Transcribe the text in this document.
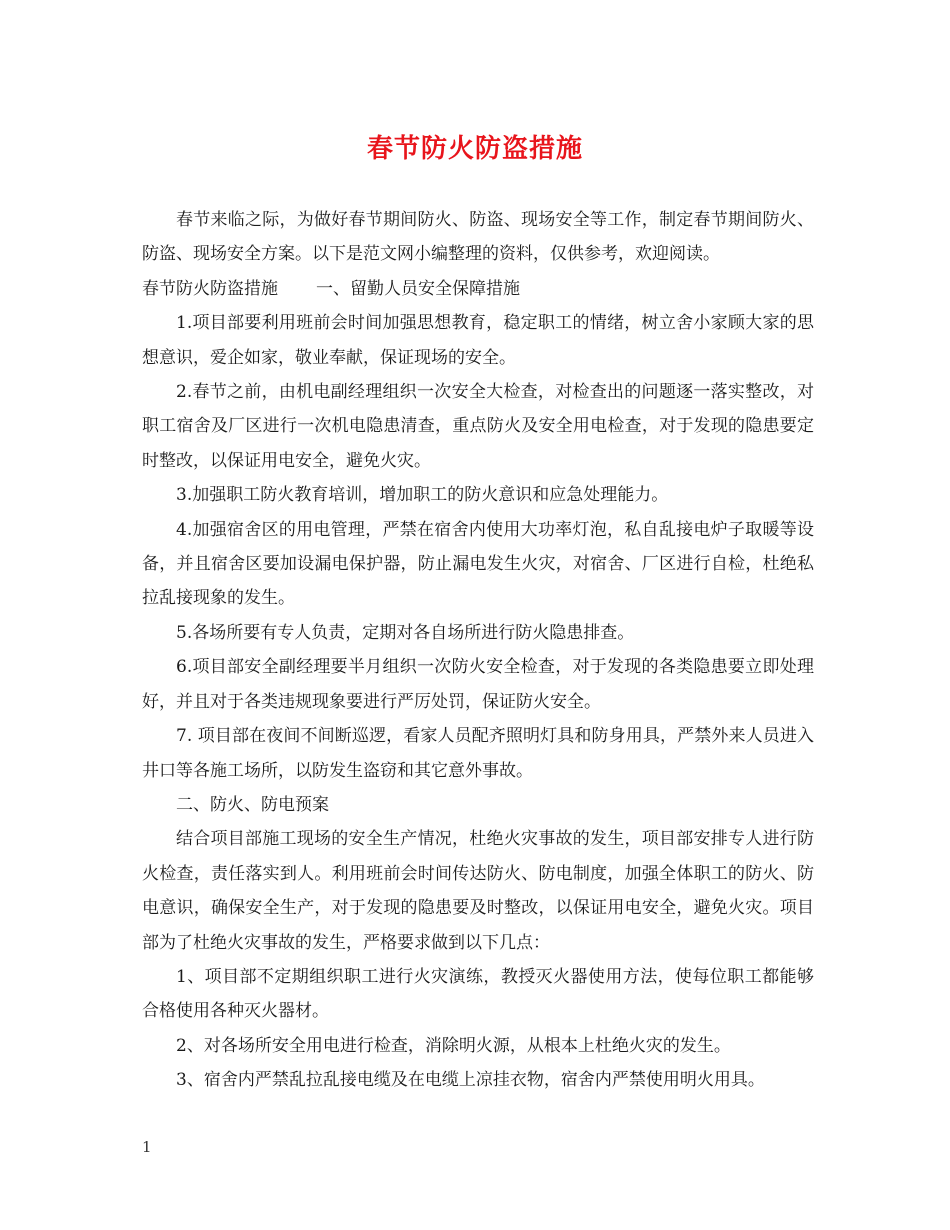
春节防火防盗措施

春节来临之际，为做好春节期间防火、防盗、现场安全等工作，制定春节期间防火、防盗、现场安全方案。以下是范文网小编整理的资料，仅供参考，欢迎阅读。

春节防火防盗措施 一、留勤人员安全保障措施

1.项目部要利用班前会时间加强思想教育，稳定职工的情绪，树立舍小家顾大家的思想意识，爱企如家，敬业奉献，保证现场的安全。

2.春节之前，由机电副经理组织一次安全大检查，对检查出的问题逐一落实整改，对职工宿舍及厂区进行一次机电隐患清查，重点防火及安全用电检查，对于发现的隐患要定时整改，以保证用电安全，避免火灾。

3.加强职工防火教育培训，增加职工的防火意识和应急处理能力。

4.加强宿舍区的用电管理，严禁在宿舍内使用大功率灯泡，私自乱接电炉子取暖等设备，并且宿舍区要加设漏电保护器，防止漏电发生火灾，对宿舍、厂区进行自检，杜绝私拉乱接现象的发生。

5.各场所要有专人负责，定期对各自场所进行防火隐患排查。

6.项目部安全副经理要半月组织一次防火安全检查，对于发现的各类隐患要立即处理好，并且对于各类违规现象要进行严厉处罚，保证防火安全。

7. 项目部在夜间不间断巡逻，看家人员配齐照明灯具和防身用具，严禁外来人员进入井口等各施工场所，以防发生盗窃和其它意外事故。

二、防火、防电预案

结合项目部施工现场的安全生产情况，杜绝火灾事故的发生，项目部安排专人进行防火检查，责任落实到人。利用班前会时间传达防火、防电制度，加强全体职工的防火、防电意识，确保安全生产，对于发现的隐患要及时整改，以保证用电安全，避免火灾。项目部为了杜绝火灾事故的发生，严格要求做到以下几点：

1、项目部不定期组织职工进行火灾演练，教授灭火器使用方法，使每位职工都能够合格使用各种灭火器材。

2、对各场所安全用电进行检查，消除明火源，从根本上杜绝火灾的发生。

3、宿舍内严禁乱拉乱接电缆及在电缆上凉挂衣物，宿舍内严禁使用明火用具。

1
